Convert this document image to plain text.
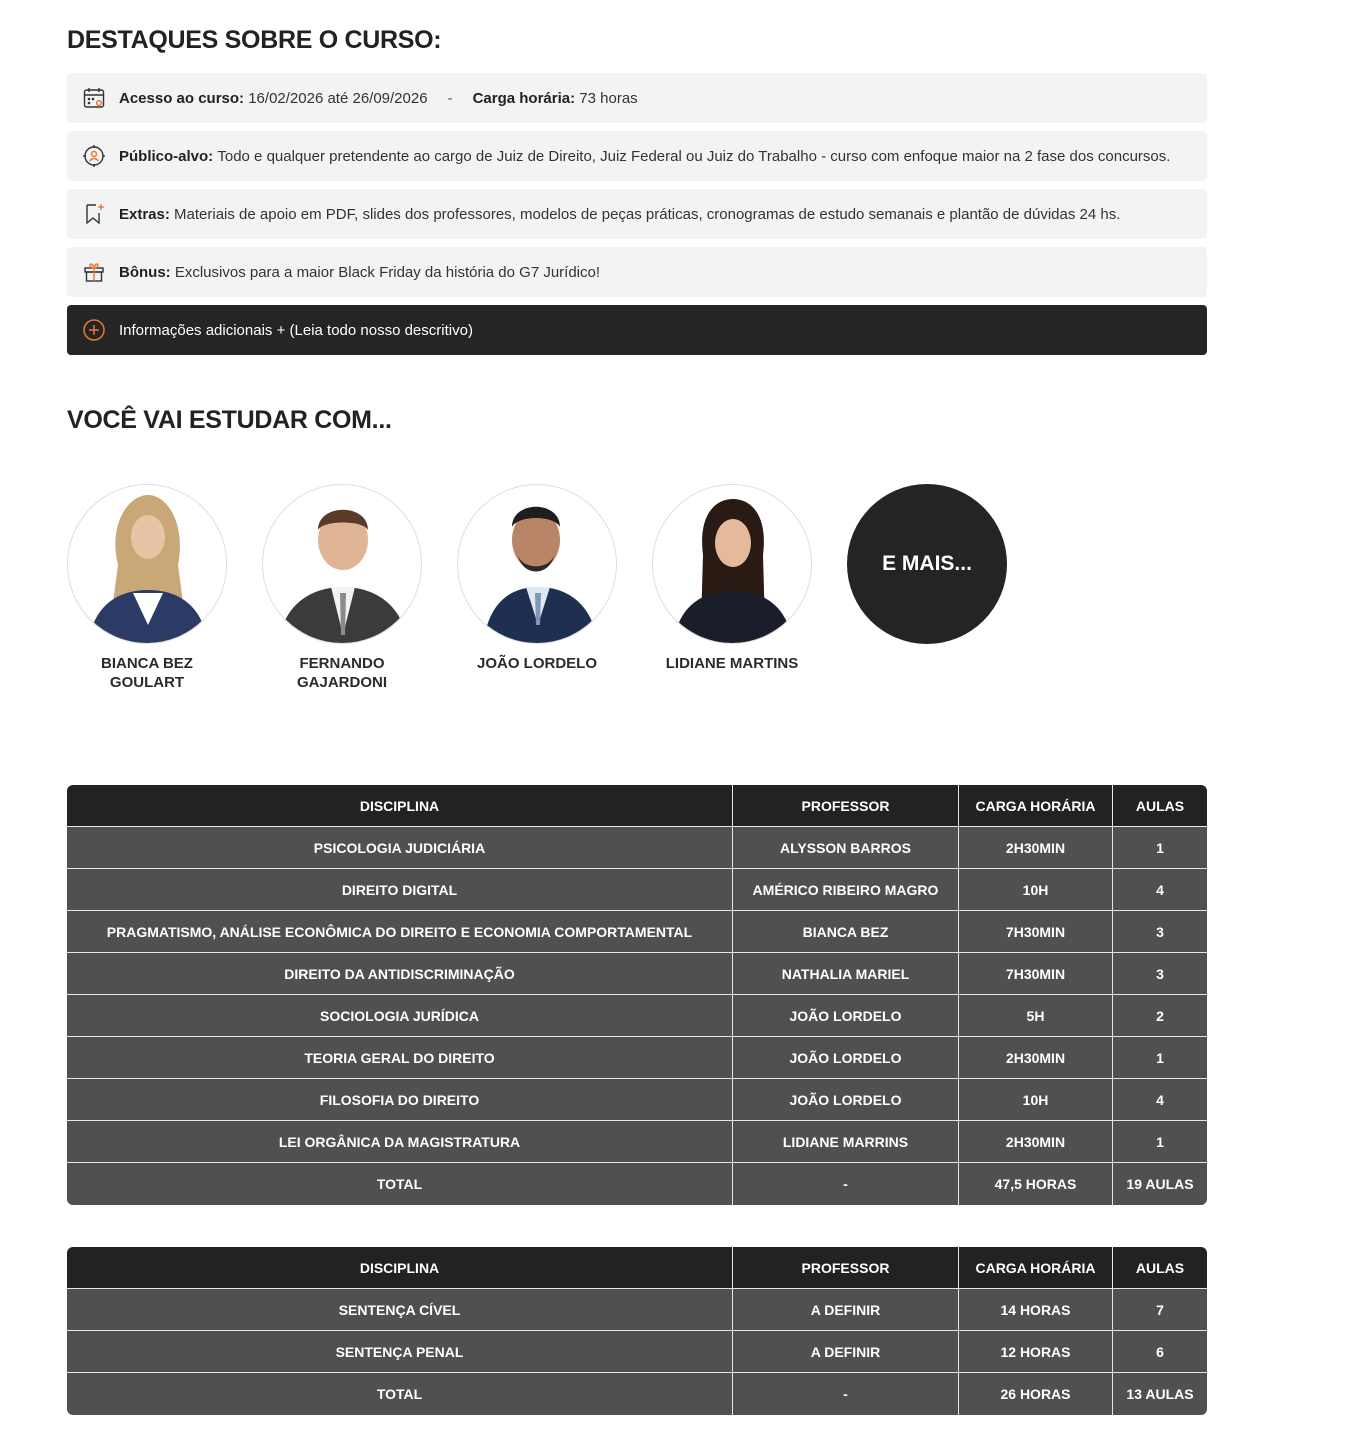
DESTAQUES SOBRE O CURSO:
Acesso ao curso:
16/02/2026 até 26/09/2026 - Carga horária:
73 horas
Público-alvo:
Todo e qualquer pretendente ao cargo de Juiz de Direito, Juiz Federal ou Juiz do Trabalho - curso com enfoque maior na 2 fase dos concursos.
Extras:
Materiais de apoio em PDF, slides dos professores, modelos de peças práticas, cronogramas de estudo semanais e plantão de dúvidas 24 hs.
Bônus:
Exclusivos para a maior Black Friday da história do G7 Jurídico!
Informações adicionais + (Leia todo nosso descritivo)
VOCÊ VAI ESTUDAR COM...
BIANCA BEZ GOULART
FERNANDO GAJARDONI
JOÃO LORDELO	LIDIANE MARTINS
E MAIS...
DISCIPLINA	PROFESSOR	CARGA HORÁRIA	AULAS
PSICOLOGIA JUDICIÁRIA	ALYSSON BARROS	2H30MIN	1
DIREITO DIGITAL	AMÉRICO RIBEIRO MAGRO	10H	4
PRAGMATISMO, ANÁLISE ECONÔMICA DO DIREITO E ECONOMIA COMPORTAMENTAL	BIANCA BEZ	7H30MIN	3
DIREITO DA ANTIDISCRIMINAÇÃO	NATHALIA MARIEL	7H30MIN	3
SOCIOLOGIA JURÍDICA	JOÃO LORDELO	5H	2
TEORIA GERAL DO DIREITO	JOÃO LORDELO	2H30MIN	1
FILOSOFIA DO DIREITO	JOÃO LORDELO	10H	4
LEI ORGÂNICA DA MAGISTRATURA	LIDIANE MARRINS	2H30MIN	1
TOTAL	-	47,5 HORAS	19 AULAS
DISCIPLINA	PROFESSOR	CARGA HORÁRIA	AULAS
SENTENÇA CÍVEL	A DEFINIR	14 HORAS	7
SENTENÇA PENAL	A DEFINIR	12 HORAS	6
TOTAL	-	26 HORAS	13 AULAS
